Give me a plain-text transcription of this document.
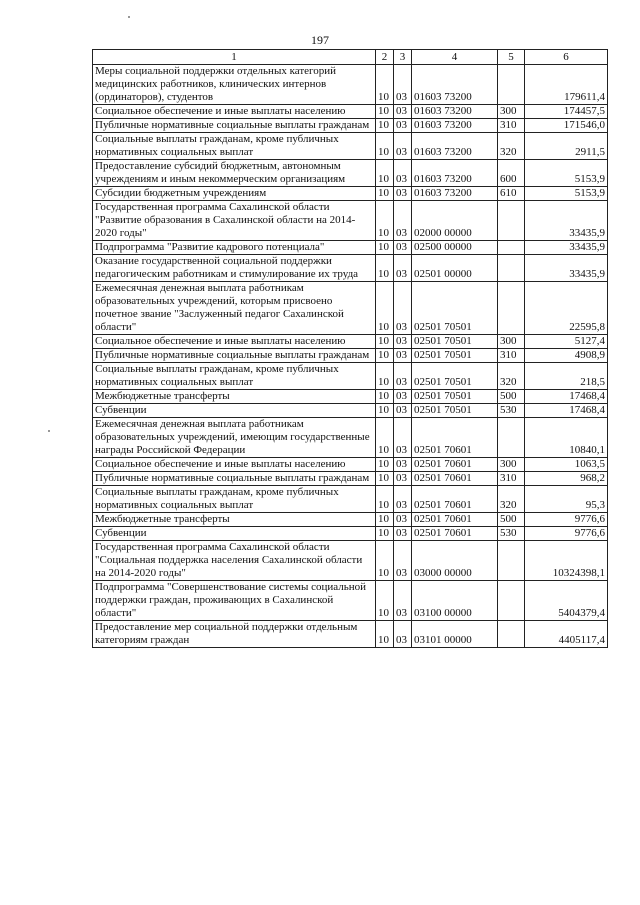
197
1	2	3	4	5	6
Меры социальной поддержки отдельных категорий медицинских работников, клинических интернов (ординаторов), студентов	10	03	01603 73200		179611,4
Социальное обеспечение и иные выплаты населению	10	03	01603 73200	300	174457,5
Публичные нормативные социальные выплаты гражданам	10	03	01603 73200	310	171546,0
Социальные выплаты гражданам, кроме публичных нормативных социальных выплат	10	03	01603 73200	320	2911,5
Предоставление субсидий бюджетным, автономным учреждениям и иным некоммерческим организациям	10	03	01603 73200	600	5153,9
Субсидии бюджетным учреждениям	10	03	01603 73200	610	5153,9
Государственная программа Сахалинской области "Развитие образования в Сахалинской области на 2014-2020 годы"	10	03	02000 00000		33435,9
Подпрограмма "Развитие кадрового потенциала"	10	03	02500 00000		33435,9
Оказание государственной социальной поддержки педагогическим работникам и стимулирование их труда	10	03	02501 00000		33435,9
Ежемесячная денежная выплата работникам образовательных учреждений, которым присвоено почетное звание "Заслуженный педагог Сахалинской области"	10	03	02501 70501		22595,8
Социальное обеспечение и иные выплаты населению	10	03	02501 70501	300	5127,4
Публичные нормативные социальные выплаты гражданам	10	03	02501 70501	310	4908,9
Социальные выплаты гражданам, кроме публичных нормативных социальных выплат	10	03	02501 70501	320	218,5
Межбюджетные трансферты	10	03	02501 70501	500	17468,4
Субвенции	10	03	02501 70501	530	17468,4
Ежемесячная денежная выплата работникам образовательных учреждений, имеющим государственные награды Российской Федерации	10	03	02501 70601		10840,1
Социальное обеспечение и иные выплаты населению	10	03	02501 70601	300	1063,5
Публичные нормативные социальные выплаты гражданам	10	03	02501 70601	310	968,2
Социальные выплаты гражданам, кроме публичных нормативных социальных выплат	10	03	02501 70601	320	95,3
Межбюджетные трансферты	10	03	02501 70601	500	9776,6
Субвенции	10	03	02501 70601	530	9776,6
Государственная программа Сахалинской области "Социальная поддержка населения Сахалинской области на 2014-2020 годы"	10	03	03000 00000		10324398,1
Подпрограмма "Совершенствование системы социальной поддержки граждан, проживающих в Сахалинской области"	10	03	03100 00000		5404379,4
Предоставление мер социальной поддержки отдельным категориям граждан	10	03	03101 00000		4405117,4
